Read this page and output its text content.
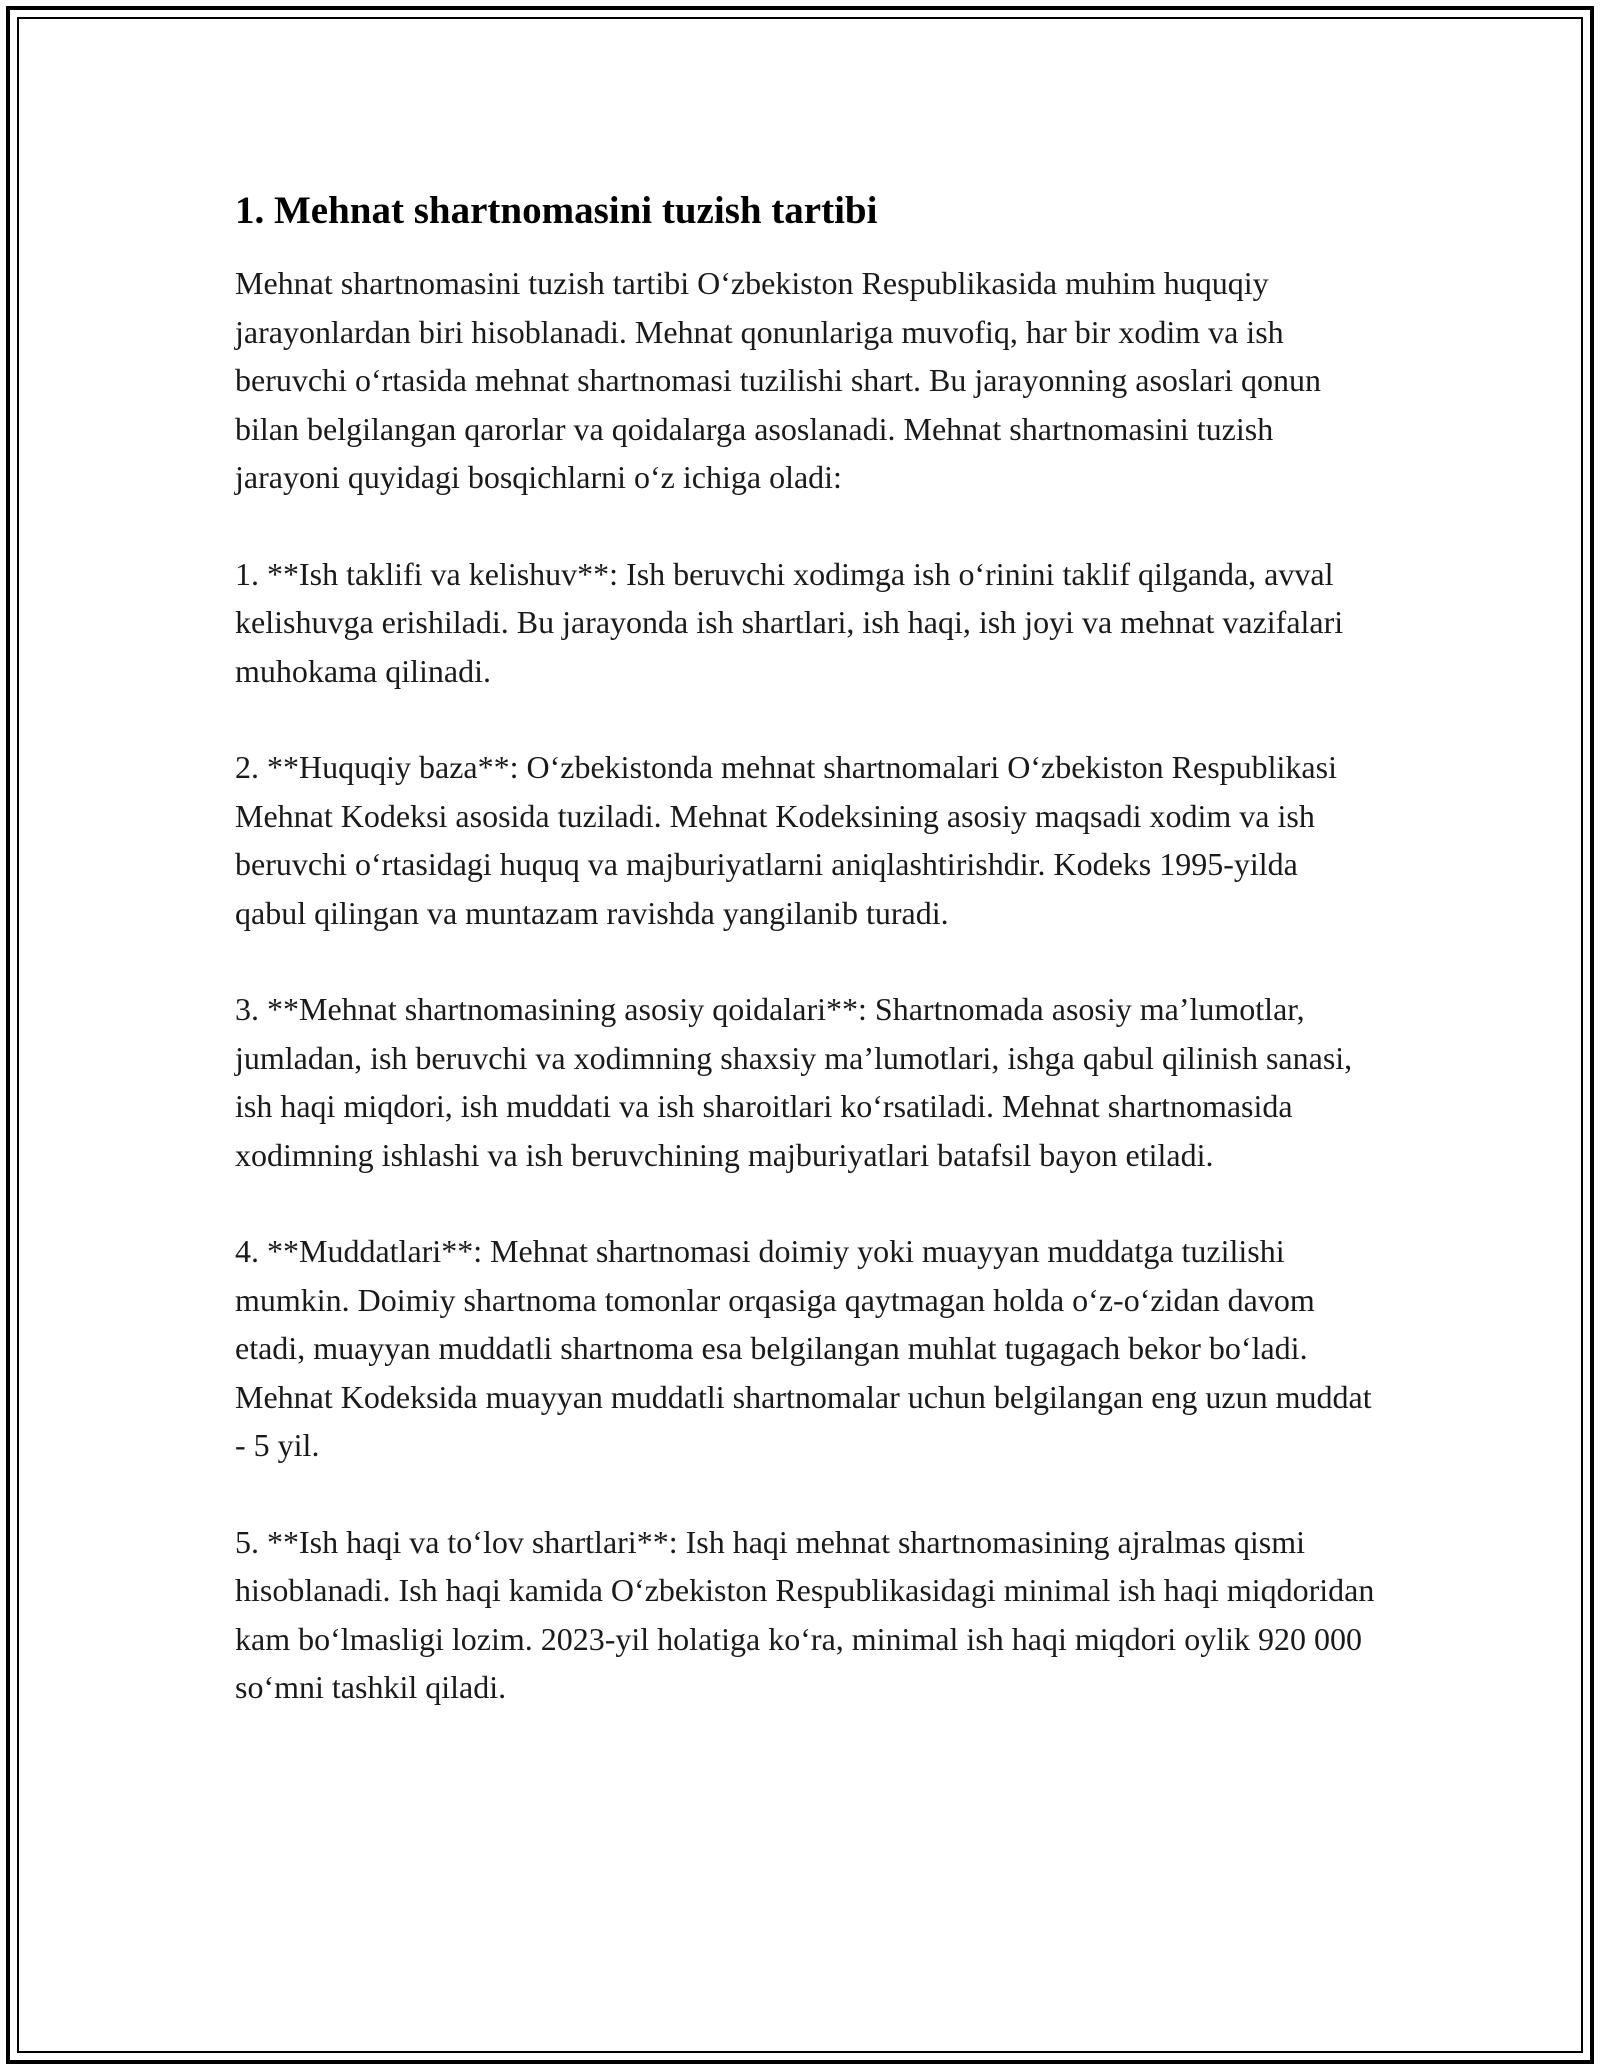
1. Mehnat shartnomasini tuzish tartibi

Mehnat shartnomasini tuzish tartibi O‘zbekiston Respublikasida muhim huquqiy jarayonlardan biri hisoblanadi. Mehnat qonunlariga muvofiq, har bir xodim va ish beruvchi o‘rtasida mehnat shartnomasi tuzilishi shart. Bu jarayonning asoslari qonun bilan belgilangan qarorlar va qoidalarga asoslanadi. Mehnat shartnomasini tuzish jarayoni quyidagi bosqichlarni o‘z ichiga oladi:

1. **Ish taklifi va kelishuv**: Ish beruvchi xodimga ish o‘rinini taklif qilganda, avval kelishuvga erishiladi. Bu jarayonda ish shartlari, ish haqi, ish joyi va mehnat vazifalari muhokama qilinadi.

2. **Huquqiy baza**: O‘zbekistonda mehnat shartnomalari O‘zbekiston Respublikasi Mehnat Kodeksi asosida tuziladi. Mehnat Kodeksining asosiy maqsadi xodim va ish beruvchi o‘rtasidagi huquq va majburiyatlarni aniqlashtirishdir. Kodeks 1995-yilda qabul qilingan va muntazam ravishda yangilanib turadi.

3. **Mehnat shartnomasining asosiy qoidalari**: Shartnomada asosiy ma’lumotlar, jumladan, ish beruvchi va xodimning shaxsiy ma’lumotlari, ishga qabul qilinish sanasi, ish haqi miqdori, ish muddati va ish sharoitlari ko‘rsatiladi. Mehnat shartnomasida xodimning ishlashi va ish beruvchining majburiyatlari batafsil bayon etiladi.

4. **Muddatlari**: Mehnat shartnomasi doimiy yoki muayyan muddatga tuzilishi mumkin. Doimiy shartnoma tomonlar orqasiga qaytmagan holda o‘z-o‘zidan davom etadi, muayyan muddatli shartnoma esa belgilangan muhlat tugagach bekor bo‘ladi. Mehnat Kodeksida muayyan muddatli shartnomalar uchun belgilangan eng uzun muddat - 5 yil.

5. **Ish haqi va to‘lov shartlari**: Ish haqi mehnat shartnomasining ajralmas qismi hisoblanadi. Ish haqi kamida O‘zbekiston Respublikasidagi minimal ish haqi miqdoridan kam bo‘lmasligi lozim. 2023-yil holatiga ko‘ra, minimal ish haqi miqdori oylik 920 000 so‘mni tashkil qiladi.
